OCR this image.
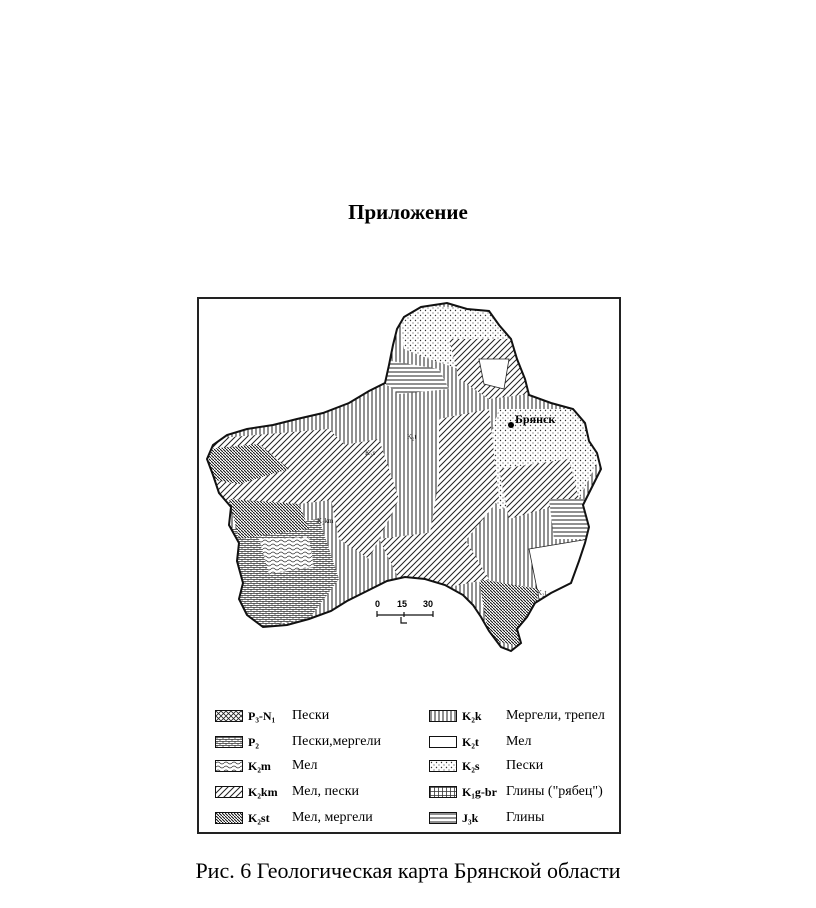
Приложение
Брянск
K₂t
K₂km
K₂s
K₂t
0 15 30
P₃-N₁	Пески
P₂	Пески,мергели
K₂m	Мел
K₂km	Мел, пески
K₂st	Мел, мергели
K₂k	Мергели, трепел
K₂t	Мел
K₂s	Пески
K₁g-br Глины ("рябец")
J₃k	Глины
Рис. 6 Геологическая карта Брянской области
